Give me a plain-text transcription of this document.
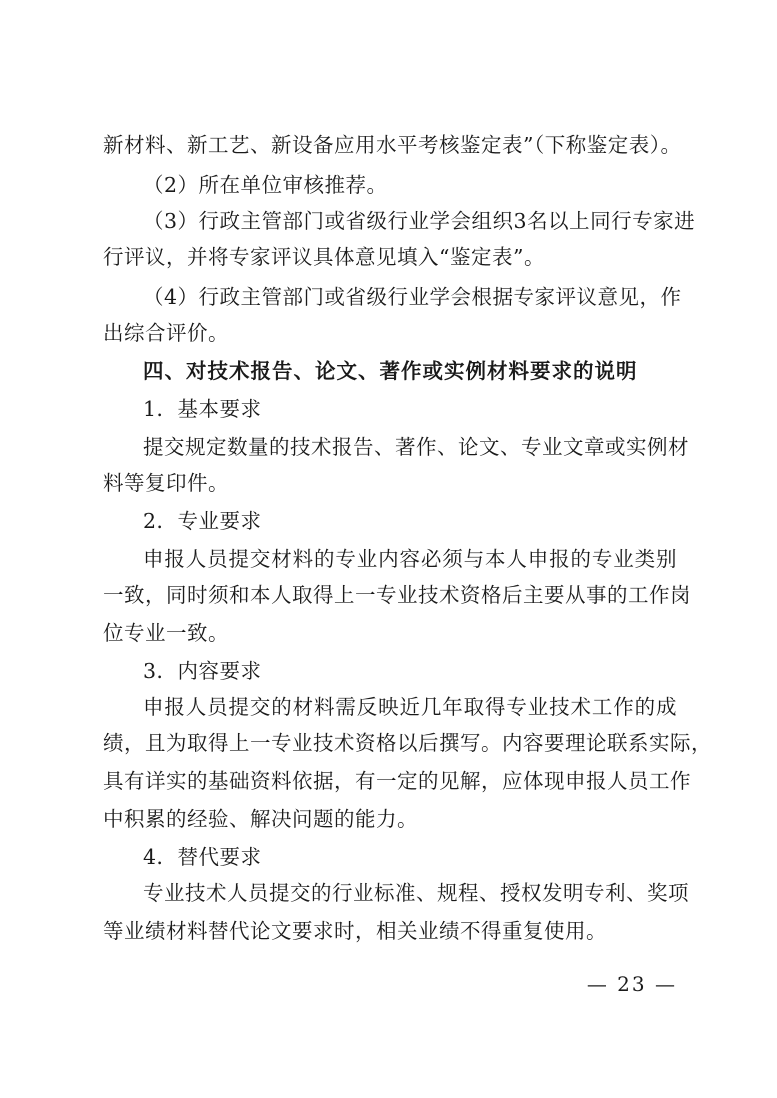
新材料、新工艺、新设备应用水平考核鉴定表”（下称鉴定表）。
（2）所在单位审核推荐。
（3）行政主管部门或省级行业学会组织3名以上同行专家进
行评议，并将专家评议具体意见填入“鉴定表”。
（4）行政主管部门或省级行业学会根据专家评议意见，作
出综合评价。
四、对技术报告、论文、著作或实例材料要求的说明
1．基本要求
提交规定数量的技术报告、著作、论文、专业文章或实例材
料等复印件。
2．专业要求
申报人员提交材料的专业内容必须与本人申报的专业类别
一致，同时须和本人取得上一专业技术资格后主要从事的工作岗
位专业一致。
3．内容要求
申报人员提交的材料需反映近几年取得专业技术工作的成
绩，且为取得上一专业技术资格以后撰写。内容要理论联系实际，
具有详实的基础资料依据，有一定的见解，应体现申报人员工作
中积累的经验、解决问题的能力。
4．替代要求
专业技术人员提交的行业标准、规程、授权发明专利、奖项
等业绩材料替代论文要求时，相关业绩不得重复使用。
— 23 —
